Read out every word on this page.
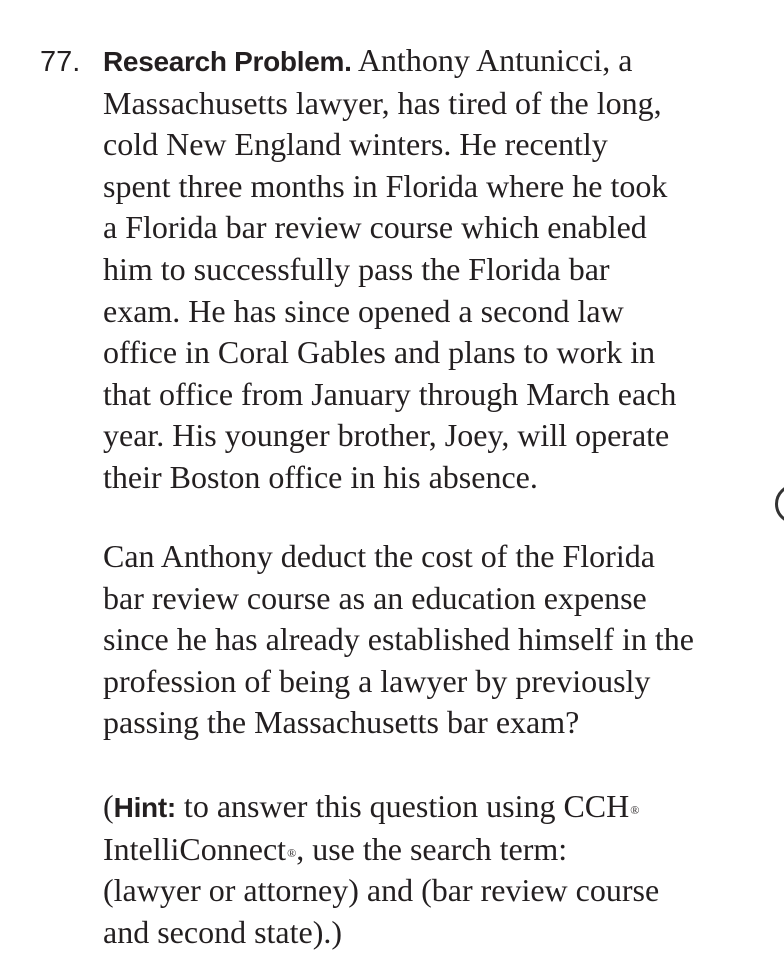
77. Research Problem. Anthony Antunicci, a
Massachusetts lawyer, has tired of the long,
cold New England winters. He recently
spent three months in Florida where he took
a Florida bar review course which enabled
him to successfully pass the Florida bar
exam. He has since opened a second law
office in Coral Gables and plans to work in
that office from January through March each
year. His younger brother, Joey, will operate
their Boston office in his absence.
Can Anthony deduct the cost of the Florida
bar review course as an education expense
since he has already established himself in the
profession of being a lawyer by previously
passing the Massachusetts bar exam?
(Hint: to answer this question using CCH®
IntelliConnect®, use the search term:
(lawyer or attorney) and (bar review course
and second state).)
